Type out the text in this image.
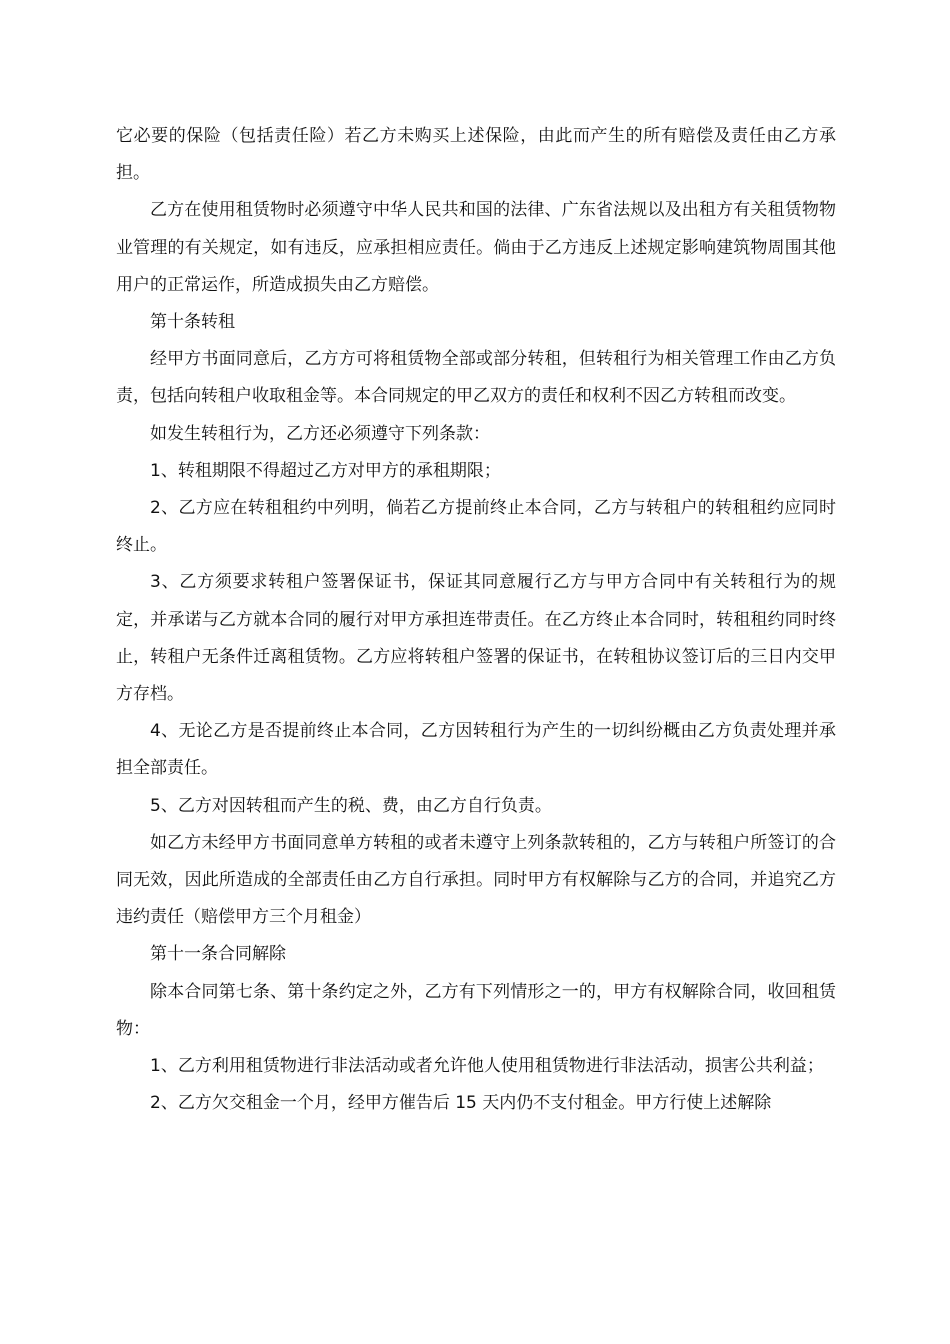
它必要的保险（包括责任险）若乙方未购买上述保险，由此而产生的所有赔偿及责任由乙方承担。

乙方在使用租赁物时必须遵守中华人民共和国的法律、广东省法规以及出租方有关租赁物物业管理的有关规定，如有违反，应承担相应责任。倘由于乙方违反上述规定影响建筑物周围其他用户的正常运作，所造成损失由乙方赔偿。

第十条转租

经甲方书面同意后，乙方方可将租赁物全部或部分转租，但转租行为相关管理工作由乙方负责，包括向转租户收取租金等。本合同规定的甲乙双方的责任和权利不因乙方转租而改变。

如发生转租行为，乙方还必须遵守下列条款：

1、转租期限不得超过乙方对甲方的承租期限；

2、乙方应在转租租约中列明，倘若乙方提前终止本合同，乙方与转租户的转租租约应同时终止。

3、乙方须要求转租户签署保证书，保证其同意履行乙方与甲方合同中有关转租行为的规定，并承诺与乙方就本合同的履行对甲方承担连带责任。在乙方终止本合同时，转租租约同时终止，转租户无条件迁离租赁物。乙方应将转租户签署的保证书，在转租协议签订后的三日内交甲方存档。

4、无论乙方是否提前终止本合同，乙方因转租行为产生的一切纠纷概由乙方负责处理并承担全部责任。

5、乙方对因转租而产生的税、费，由乙方自行负责。

如乙方未经甲方书面同意单方转租的或者未遵守上列条款转租的，乙方与转租户所签订的合同无效，因此所造成的全部责任由乙方自行承担。同时甲方有权解除与乙方的合同，并追究乙方违约责任（赔偿甲方三个月租金）

第十一条合同解除

除本合同第七条、第十条约定之外，乙方有下列情形之一的，甲方有权解除合同，收回租赁物：

1、乙方利用租赁物进行非法活动或者允许他人使用租赁物进行非法活动，损害公共利益；

2、乙方欠交租金一个月，经甲方催告后 15 天内仍不支付租金。甲方行使上述解除
